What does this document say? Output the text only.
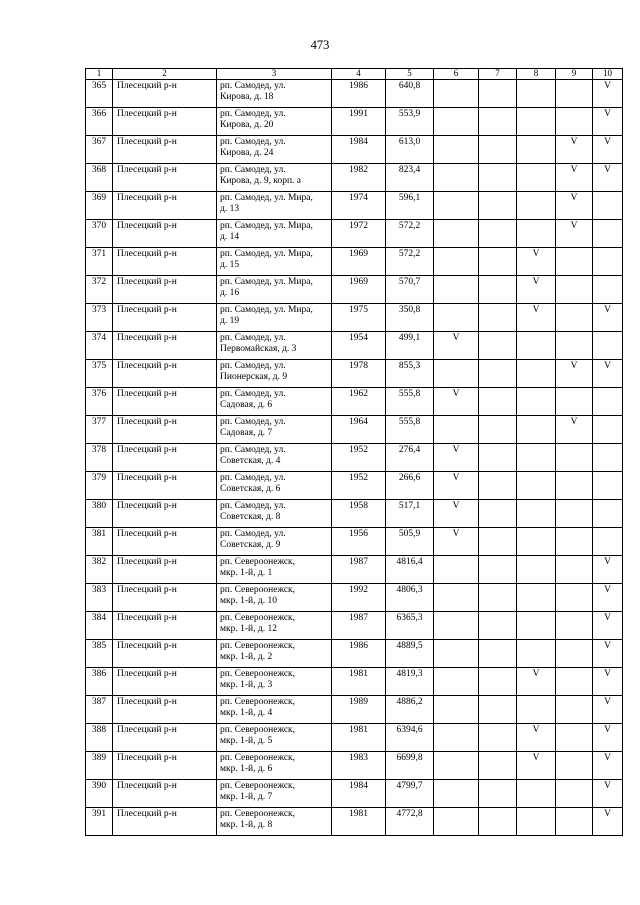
473
1	2	3	4	5	6	7	8	9	10
365	Плесецкий р-н	рп. Самодед, ул.
Кирова, д. 18	1986	640,8					V
366	Плесецкий р-н	рп. Самодед, ул.
Кирова, д. 20	1991	553,9					V
367	Плесецкий р-н	рп. Самодед, ул.
Кирова, д. 24	1984	613,0				V	V
368	Плесецкий р-н	рп. Самодед, ул.
Кирова, д. 9, корп. а	1982	823,4				V	V
369	Плесецкий р-н	рп. Самодед, ул. Мира,
д. 13	1974	596,1				V	
370	Плесецкий р-н	рп. Самодед, ул. Мира,
д. 14	1972	572,2				V	
371	Плесецкий р-н	рп. Самодед, ул. Мира,
д. 15	1969	572,2			V		
372	Плесецкий р-н	рп. Самодед, ул. Мира,
д. 16	1969	570,7			V		
373	Плесецкий р-н	рп. Самодед, ул. Мира,
д. 19	1975	350,8			V		V
374	Плесецкий р-н	рп. Самодед, ул.
Первомайская, д. 3	1954	499,1	V				
375	Плесецкий р-н	рп. Самодед, ул.
Пионерская, д. 9	1978	855,3				V	V
376	Плесецкий р-н	рп. Самодед, ул.
Садовая, д. 6	1962	555,8	V				
377	Плесецкий р-н	рп. Самодед, ул.
Садовая, д. 7	1964	555,8				V	
378	Плесецкий р-н	рп. Самодед, ул.
Советская, д. 4	1952	276,4	V				
379	Плесецкий р-н	рп. Самодед, ул.
Советская, д. 6	1952	266,6	V				
380	Плесецкий р-н	рп. Самодед, ул.
Советская, д. 8	1958	517,1	V				
381	Плесецкий р-н	рп. Самодед, ул.
Советская, д. 9	1956	505,9	V				
382	Плесецкий р-н	рп. Североонежск,
мкр. 1-й, д. 1	1987	4816,4					V
383	Плесецкий р-н	рп. Североонежск,
мкр. 1-й, д. 10	1992	4806,3					V
384	Плесецкий р-н	рп. Североонежск,
мкр. 1-й, д. 12	1987	6365,3					V
385	Плесецкий р-н	рп. Североонежск,
мкр. 1-й, д. 2	1986	4889,5					V
386	Плесецкий р-н	рп. Североонежск,
мкр. 1-й, д. 3	1981	4819,3			V		V
387	Плесецкий р-н	рп. Североонежск,
мкр. 1-й, д. 4	1989	4886,2					V
388	Плесецкий р-н	рп. Североонежск,
мкр. 1-й, д. 5	1981	6394,6			V		V
389	Плесецкий р-н	рп. Североонежск,
мкр. 1-й, д. 6	1983	6699,8			V		V
390	Плесецкий р-н	рп. Североонежск,
мкр. 1-й, д. 7	1984	4799,7					V
391	Плесецкий р-н	рп. Североонежск,
мкр. 1-й, д. 8	1981	4772,8					V
